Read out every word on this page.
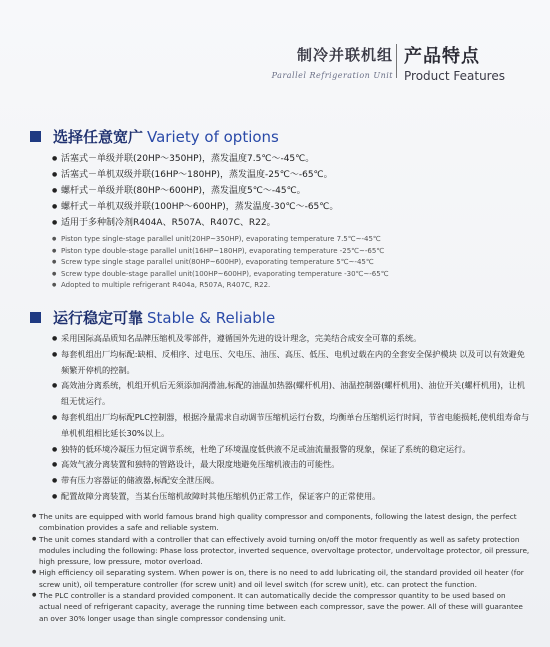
制冷并联机组
Parallel Refrigeration Unit
产品特点
Product Features
选择任意宽广 Variety of options
● 活塞式－单级并联(20HP～350HP)，蒸发温度7.5℃～-45℃。
● 活塞式－单机双级并联(16HP～180HP)，蒸发温度-25℃～-65℃。
● 螺杆式－单级并联(80HP～600HP)，蒸发温度5℃～-45℃。
● 螺杆式－单机双级并联(100HP～600HP)，蒸发温度-30℃～-65℃。
● 适用于多种制冷剂R404A、R507A、R407C、R22。
● Piston type single-stage parallel unit(20HP~350HP), evaporating temperature 7.5℃~-45℃
● Piston type double-stage parallel unit(16HP~180HP), evaporating temperature -25℃~-65℃
● Screw type single stage parallel unit(80HP~600HP), evaporating temperature 5℃~-45℃
● Screw type double-stage parallel unit(100HP~600HP), evaporating temperature -30℃~-65℃
● Adopted to multiple refrigerant R404a, R507A, R407C, R22.
运行稳定可靠 Stable & Reliable
● 采用国际高品质知名品牌压缩机及零部件，遵循国外先进的设计理念，完美结合成安全可靠的系统。
● 每套机组出厂均标配:缺相、反相序、过电压、欠电压、油压、高压、低压、电机过载在内的全套安全保护模块 以及可以有效避免频繁开停机的控制。
● 高效油分离系统，机组开机后无须添加润滑油,标配的油温加热器(螺杆机用)、油温控制器(螺杆机用)、油位开关(螺杆机用)，让机组无忧运行。
● 每套机组出厂均标配PLC控制器，根据冷量需求自动调节压缩机运行台数，均衡单台压缩机运行时间，节省电能损耗,使机组寿命与单机机组相比延长30%以上。
● 独特的低环境冷凝压力恒定调节系统，杜绝了环境温度低供液不足或油流量报警的现象，保证了系统的稳定运行。
● 高效气液分离装置和独特的管路设计，最大限度地避免压缩机液击的可能性。
● 带有压力容器证的储液器,标配安全泄压阀。
● 配置故障分离装置，当某台压缩机故障时其他压缩机仍正常工作，保证客户的正常使用。
● The units are equipped with world famous brand high quality compressor and components, following the latest design, the perfect combination provides a safe and reliable system.
● The unit comes standard with a controller that can effectively avoid turning on/off the motor frequently as well as safety protection modules including the following: Phase loss protector, inverted sequence, overvoltage protector, undervoltage protector, oil pressure, high pressure, low pressure, motor overload.
● High efficiency oil separating system. When power is on, there is no need to add lubricating oil, the standard provided oil heater (for screw unit), oil temperature controller (for screw unit) and oil level switch (for screw unit), etc. can protect the function.
● The PLC controller is a standard provided component. It can automatically decide the compressor quantity to be used based on actual need of refrigerant capacity, average the running time between each compressor, save the power. All of these will guarantee an over 30% longer usage than single compressor condensing unit.
